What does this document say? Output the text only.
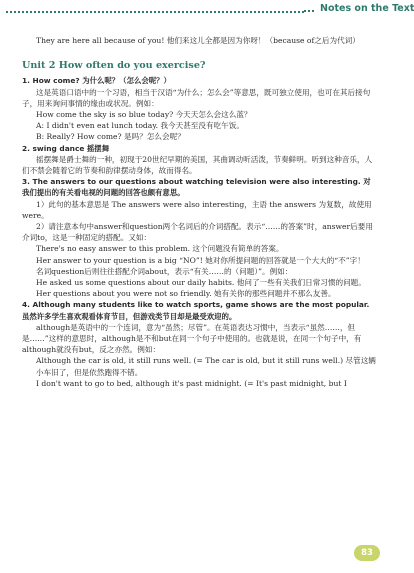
Notes on the Text

They are here all because of you! 他们来这儿全都是因为你呀！（because of之后为代词）

Unit 2 How often do you exercise?

1. How come? 为什么呢？（怎么会呢？）

这是英语口语中的一个习语，相当于汉语“为什么；怎么会”等意思，既可独立使用，也可在其后接句子，用来询问事情的缘由或状况。例如：

How come the sky is so blue today? 今天天怎么会这么蓝？

A: I didn't even eat lunch today. 我今天甚至没有吃午饭。

B: Really? How come? 是吗？怎么会呢？

2. swing dance 摇摆舞

摇摆舞是爵士舞的一种，初现于20世纪早期的美国，其曲调动听活泼，节奏鲜明。听到这种音乐，人们不禁会随着它的节奏和韵律摆动身体，故而得名。

3. The answers to our questions about watching television were also interesting. 对我们提出的有关看电视的问题的回答也颇有意思。

1）此句的基本意思是 The answers were also interesting，主语 the answers 为复数，故使用were。

2）请注意本句中answer和question两个名词后的介词搭配。表示“……的答案”时，answer后要用介词to，这是一种固定的搭配。又如：

There's no easy answer to this problem. 这个问题没有简单的答案。

Her answer to your question is a big “NO”! 她对你所提问题的回答就是一个大大的“不”字！

名词question后则往往搭配介词about，表示“有关……的（问题）”。例如：

He asked us some questions about our daily habits. 他问了一些有关我们日常习惯的问题。

Her questions about you were not so friendly. 她有关你的那些问题并不那么友善。

4. Although many students like to watch sports, game shows are the most popular. 虽然许多学生喜欢观看体育节目，但游戏类节目却是最受欢迎的。

although是英语中的一个连词，意为“虽然；尽管”。在英语表达习惯中，当表示“虽然……，但是……”这样的意思时，although是不和but在同一个句子中使用的。也就是说，在同一个句子中，有although就没有but，反之亦然。例如：

Although the car is old, it still runs well. (= The car is old, but it still runs well.) 尽管这辆小车旧了，但是依然跑得不错。

I don't want to go to bed, although it's past midnight. (= It's past midnight, but I

83
